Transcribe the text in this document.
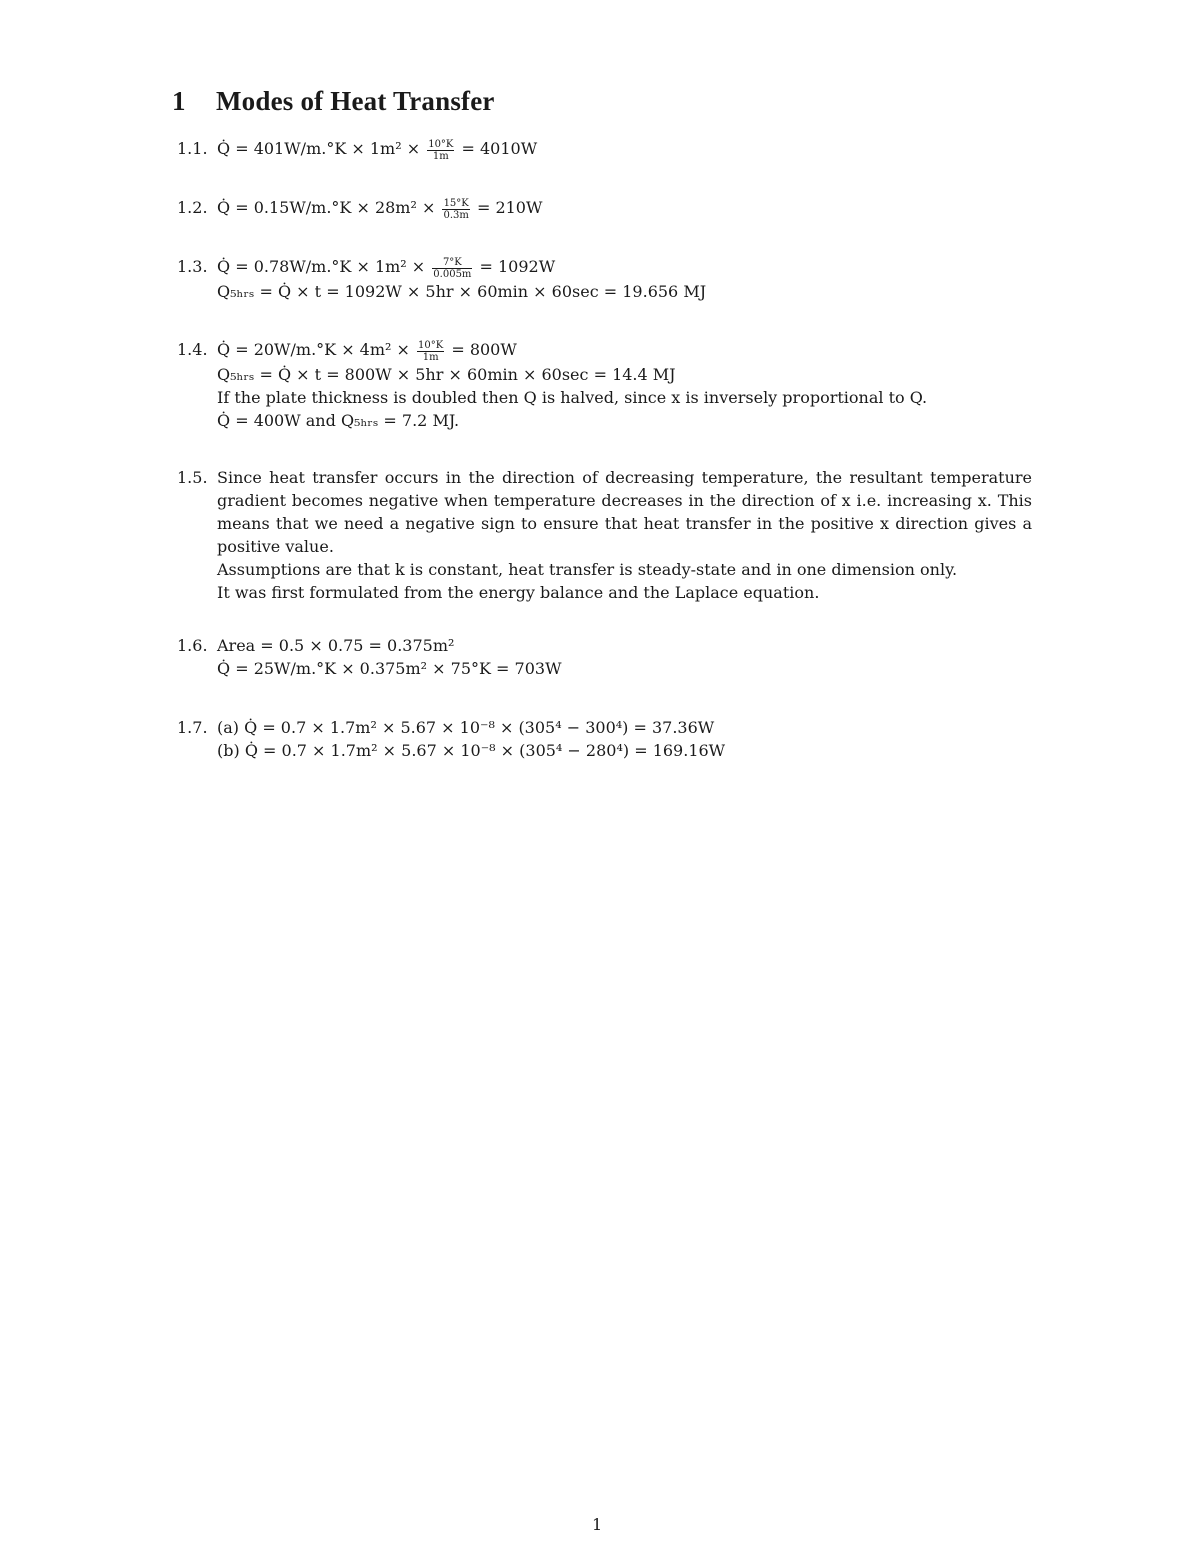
1 Modes of Heat Transfer
1.1. Q̇ = $401W/m.^\circ K \times 1m^2 \times \frac{10^\circ K}{1m} = 4010W$
1.2. Q̇ = $0.15W/m.^\circ K \times 28m^2 \times \frac{15^\circ K}{0.3m} = 210W$
1.3. Q̇ = $0.78W/m.^\circ K \times 1m^2 \times \frac{7^\circ K}{0.005m} = 1092W$
Q₅ₕᵣₛ = Q̇ × t = 1092W × 5hr × 60min × 60sec = 19.656 MJ
1.4. Q̇ = $20W/m.^\circ K \times 4m^2 \times \frac{10^\circ K}{1m} = 800W$
Q₅ₕᵣₛ = Q̇ × t = 800W × 5hr × 60min × 60sec = 14.4 MJ
If the plate thickness is doubled then Q is halved, since x is inversely proportional to Q.
Q̇ = 400W and Q₅ₕᵣₛ = 7.2 MJ.
1.5. Since heat transfer occurs in the direction of decreasing temperature, the resultant temperature gradient becomes negative when temperature decreases in the direction of x i.e. increasing x. This means that we need a negative sign to ensure that heat transfer in the positive x direction gives a positive value.
Assumptions are that k is constant, heat transfer is steady-state and in one dimension only.
It was first formulated from the energy balance and the Laplace equation.
1.6. Area = 0.5 × 0.75 = 0.375m²
Q̇ = 25W/m.°K × 0.375m² × 75°K = 703W
1.7. (a) Q̇ = 0.7 × 1.7m² × 5.67 × 10⁻⁸ × (305⁴ − 300⁴) = 37.36W
(b) Q̇ = 0.7 × 1.7m² × 5.67 × 10⁻⁸ × (305⁴ − 280⁴) = 169.16W
1
